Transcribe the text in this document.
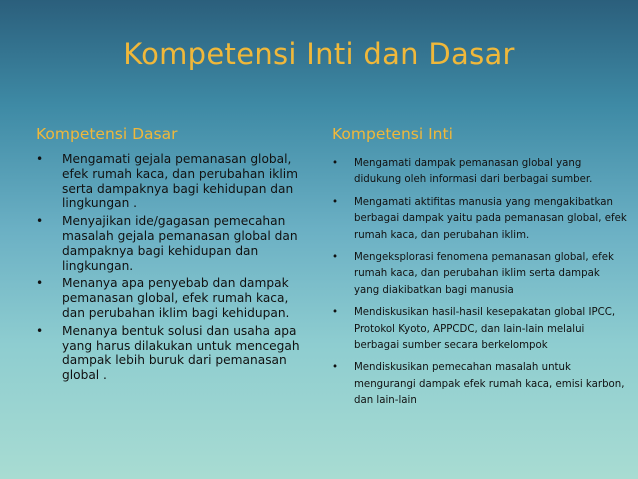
Kompetensi Inti dan Dasar
Kompetensi Dasar	Kompetensi Inti
• Mengamati gejala pemanasan global, efek rumah kaca, dan perubahan iklim serta dampaknya bagi kehidupan dan lingkungan .
• Menyajikan ide/gagasan pemecahan masalah gejala pemanasan global dan dampaknya bagi kehidupan dan lingkungan.
• Menanya apa penyebab dan dampak pemanasan global, efek rumah kaca, dan perubahan iklim bagi kehidupan.
• Menanya bentuk solusi dan usaha apa yang harus dilakukan untuk mencegah dampak lebih buruk dari pemanasan global .
• Mengamati dampak pemanasan global yang didukung oleh informasi dari berbagai sumber.
• Mengamati aktifitas manusia yang mengakibatkan berbagai dampak yaitu pada pemanasan global, efek rumah kaca, dan perubahan iklim.
• Mengeksplorasi fenomena pemanasan global, efek rumah kaca, dan perubahan iklim serta dampak yang diakibatkan bagi manusia
• Mendiskusikan hasil-hasil kesepakatan global IPCC, Protokol Kyoto, APPCDC, dan lain-lain melalui berbagai sumber secara berkelompok
• Mendiskusikan pemecahan masalah untuk mengurangi dampak efek rumah kaca, emisi karbon, dan lain-lain
